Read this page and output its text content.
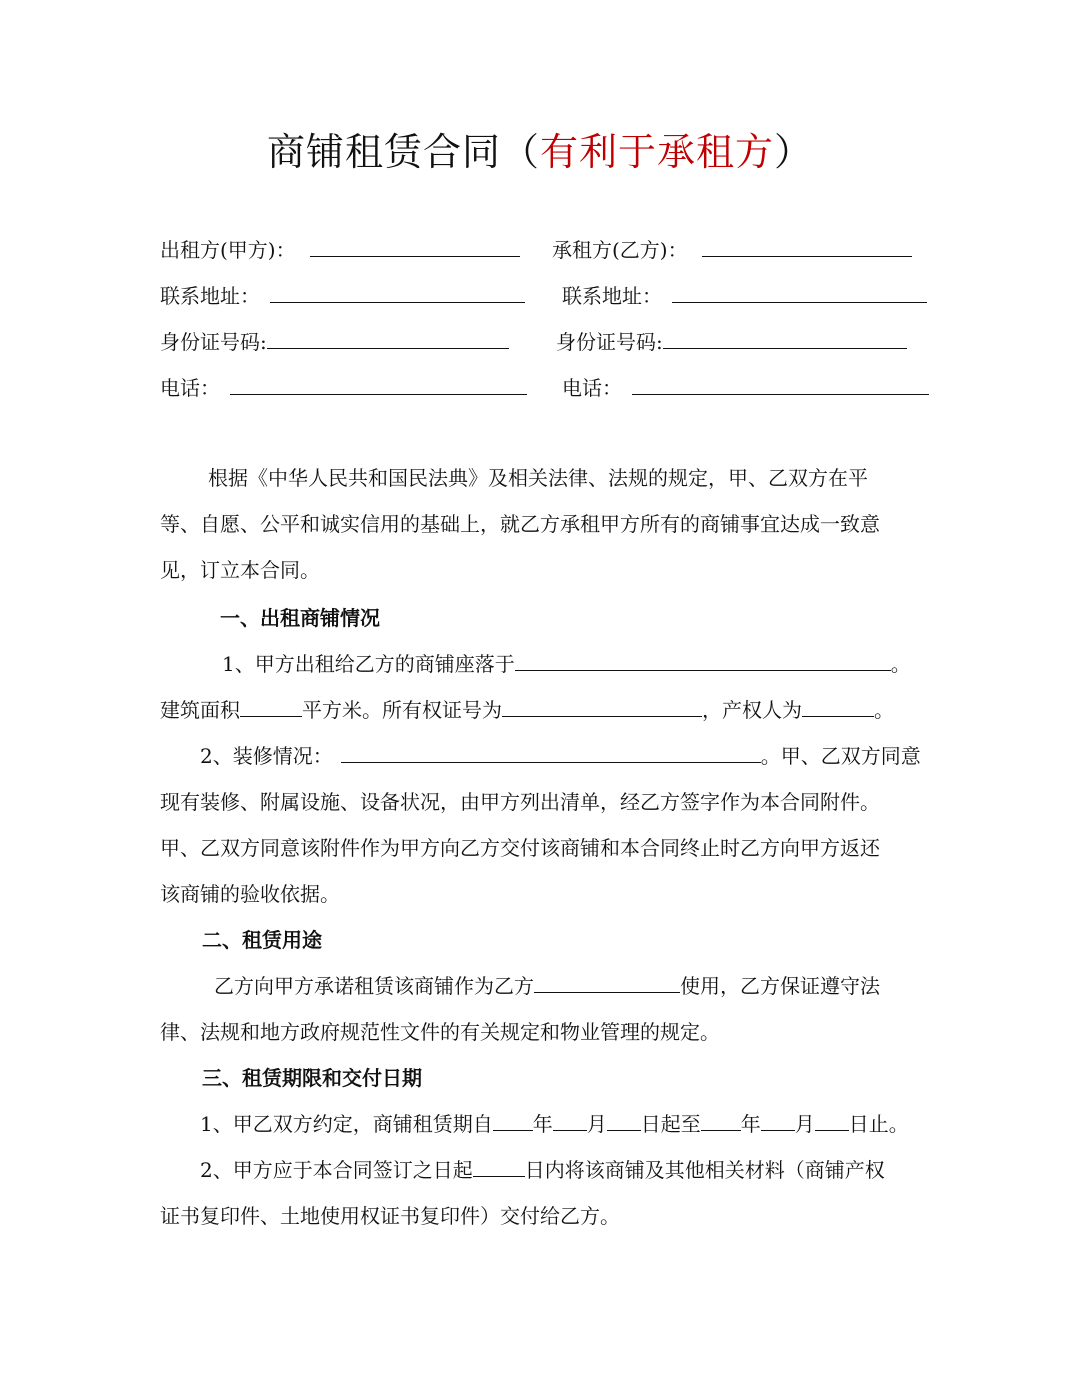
商铺租赁合同（有利于承租方）
出租方(甲方)：	承租方(乙方)：
联系地址：	联系地址：
身份证号码:	身份证号码:
电话：	电话：
根据《中华人民共和国民法典》及相关法律、法规的规定，甲、乙双方在平
等、自愿、公平和诚实信用的基础上，就乙方承租甲方所有的商铺事宜达成一致意
见，订立本合同。
一、出租商铺情况
1、甲方出租给乙方的商铺座落于	。
建筑面积	平方米。所有权证号为	，产权人为	。
2、装修情况：	。甲、乙双方同意
现有装修、附属设施、设备状况，由甲方列出清单，经乙方签字作为本合同附件。
甲、乙双方同意该附件作为甲方向乙方交付该商铺和本合同终止时乙方向甲方返还
该商铺的验收依据。
二、租赁用途
乙方向甲方承诺租赁该商铺作为乙方	使用，乙方保证遵守法
律、法规和地方政府规范性文件的有关规定和物业管理的规定。
三、租赁期限和交付日期
1、甲乙双方约定，商铺租赁期自 年 月 日起至 年 月 日止。
2、甲方应于本合同签订之日起	日内将该商铺及其他相关材料（商铺产权
证书复印件、土地使用权证书复印件）交付给乙方。
